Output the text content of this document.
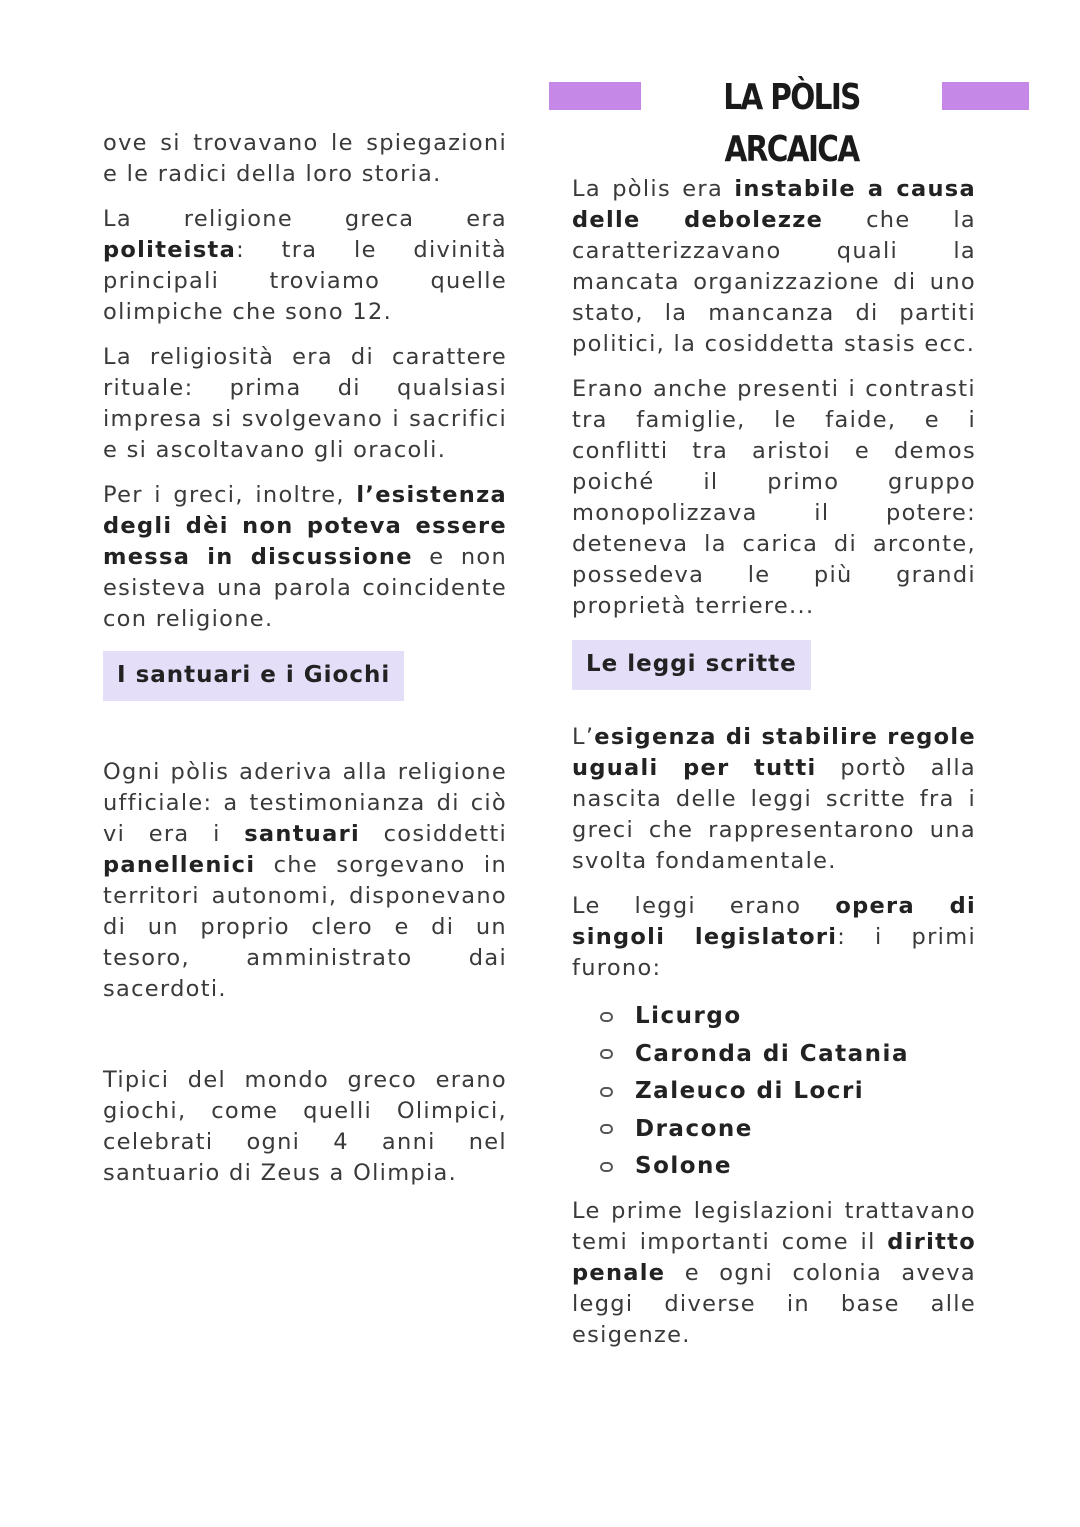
LA PÒLIS ARCAICA

ove si trovavano le spiegazioni e le radici della loro storia.

La religione greca era politeista: tra le divinità principali troviamo quelle olimpiche che sono 12.

La religiosità era di carattere rituale: prima di qualsiasi impresa si svolgevano i sacrifici e si ascoltavano gli oracoli.

Per i greci, inoltre, l’esistenza degli dèi non poteva essere messa in discussione e non esisteva una parola coincidente con religione.

I santuari e i Giochi

Ogni pòlis aderiva alla religione ufficiale: a testimonianza di ciò vi era i santuari cosiddetti panellenici che sorgevano in territori autonomi, disponevano di un proprio clero e di un tesoro, amministrato dai sacerdoti.

Tipici del mondo greco erano giochi, come quelli Olimpici, celebrati ogni 4 anni nel santuario di Zeus a Olimpia.

La pòlis era instabile a causa delle debolezze che la caratterizzavano quali la mancata organizzazione di uno stato, la mancanza di partiti politici, la cosiddetta stasis ecc.

Erano anche presenti i contrasti tra famiglie, le faide, e i conflitti tra aristoi e demos poiché il primo gruppo monopolizzava il potere: deteneva la carica di arconte, possedeva le più grandi proprietà terriere...

Le leggi scritte

L’esigenza di stabilire regole uguali per tutti portò alla nascita delle leggi scritte fra i greci che rappresentarono una svolta fondamentale.

Le leggi erano opera di singoli legislatori: i primi furono:

Licurgo
Caronda di Catania
Zaleuco di Locri
Dracone
Solone

Le prime legislazioni trattavano temi importanti come il diritto penale e ogni colonia aveva leggi diverse in base alle esigenze.
